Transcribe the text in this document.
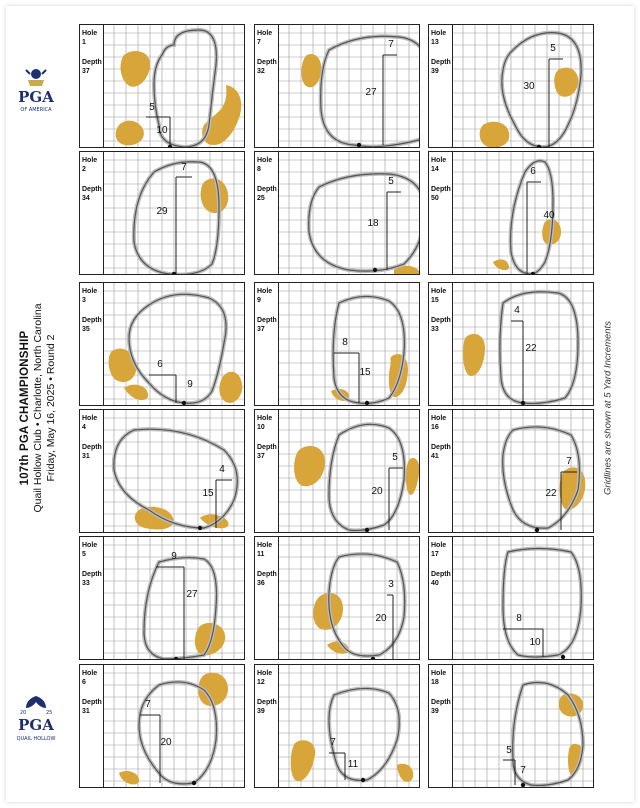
PGA
OF AMERICA
20	25
PGA
QUAIL HOLLOW
107th PGA CHAMPIONSHIP Quail Hollow Club • Charlotte, North Carolina Friday, May 16, 2025 • Round 2	Gridlines are shown at 5 Yard Increments
Hole
1
Depth
37
5
10
Hole
7
Depth
32
7
27
Hole
13
Depth
39
5
30
Hole
2
Depth
34
7
29
Hole
8
Depth
25
5
18
Hole
14
Depth
50
6
40
Hole
3
Depth
35
6
9
Hole
9
Depth
37
8
15
Hole
15
Depth
33
4
22
Hole
4
Depth
31
4
15
Hole
10
Depth
37	5
20
Hole
16
Depth
41	7
22
Hole
5
Depth
33
9
27
Hole
11
Depth
36	3
20
Hole
17
Depth
40
8
10
Hole
6
Depth
31
7
20
Hole
12
Depth
39
7
11
Hole
18
Depth
39
5
7
